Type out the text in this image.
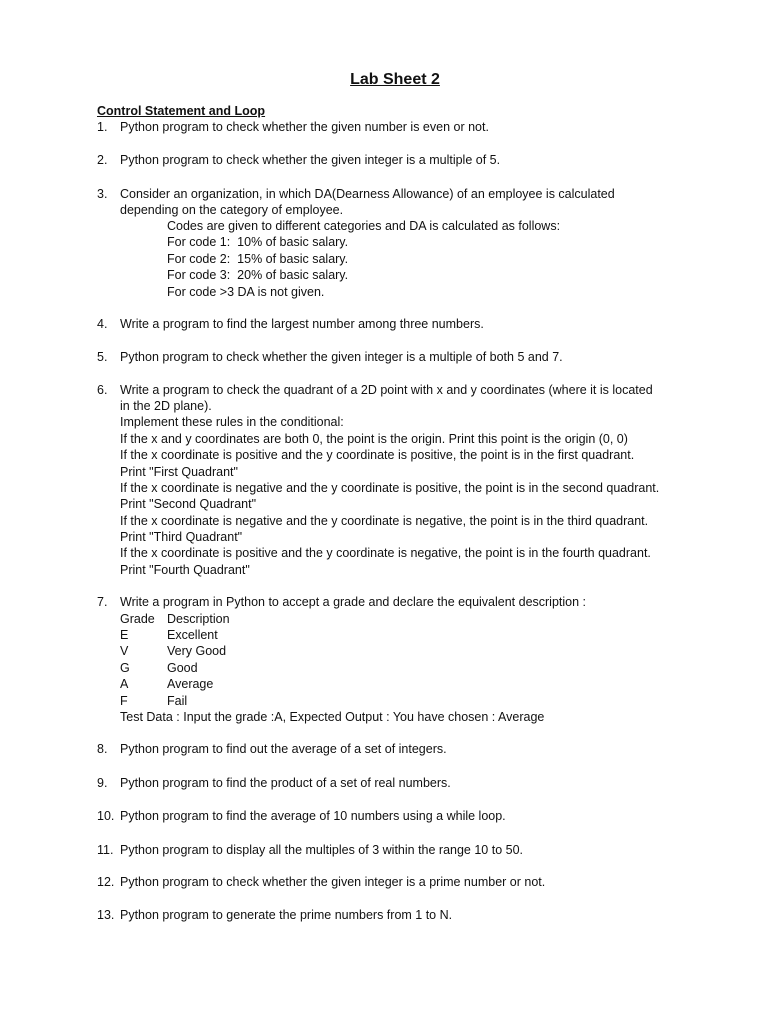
Lab Sheet 2
Control Statement and Loop
1. Python program to check whether the given number is even or not.
2. Python program to check whether the given integer is a multiple of 5.
3. Consider an organization, in which DA(Dearness Allowance) of an employee is calculated
depending on the category of employee.
Codes are given to different categories and DA is calculated as follows:
For code 1:  10% of basic salary.
For code 2:  15% of basic salary.
For code 3:  20% of basic salary.
For code >3 DA is not given.
4. Write a program to find the largest number among three numbers.
5. Python program to check whether the given integer is a multiple of both 5 and 7.
6. Write a program to check the quadrant of a 2D point with x and y coordinates (where it is located
in the 2D plane).
Implement these rules in the conditional:
If the x and y coordinates are both 0, the point is the origin. Print this point is the origin (0, 0)
If the x coordinate is positive and the y coordinate is positive, the point is in the first quadrant.
Print "First Quadrant"
If the x coordinate is negative and the y coordinate is positive, the point is in the second quadrant.
Print "Second Quadrant"
If the x coordinate is negative and the y coordinate is negative, the point is in the third quadrant.
Print "Third Quadrant"
If the x coordinate is positive and the y coordinate is negative, the point is in the fourth quadrant.
Print "Fourth Quadrant"
7. Write a program in Python to accept a grade and declare the equivalent description :
Grade Description
E	Excellent
V	Very Good
G	Good
A	Average
F	Fail
Test Data : Input the grade :A, Expected Output : You have chosen : Average
8. Python program to find out the average of a set of integers.
9. Python program to find the product of a set of real numbers.
10. Python program to find the average of 10 numbers using a while loop.
11. Python program to display all the multiples of 3 within the range 10 to 50.
12. Python program to check whether the given integer is a prime number or not.
13. Python program to generate the prime numbers from 1 to N.
